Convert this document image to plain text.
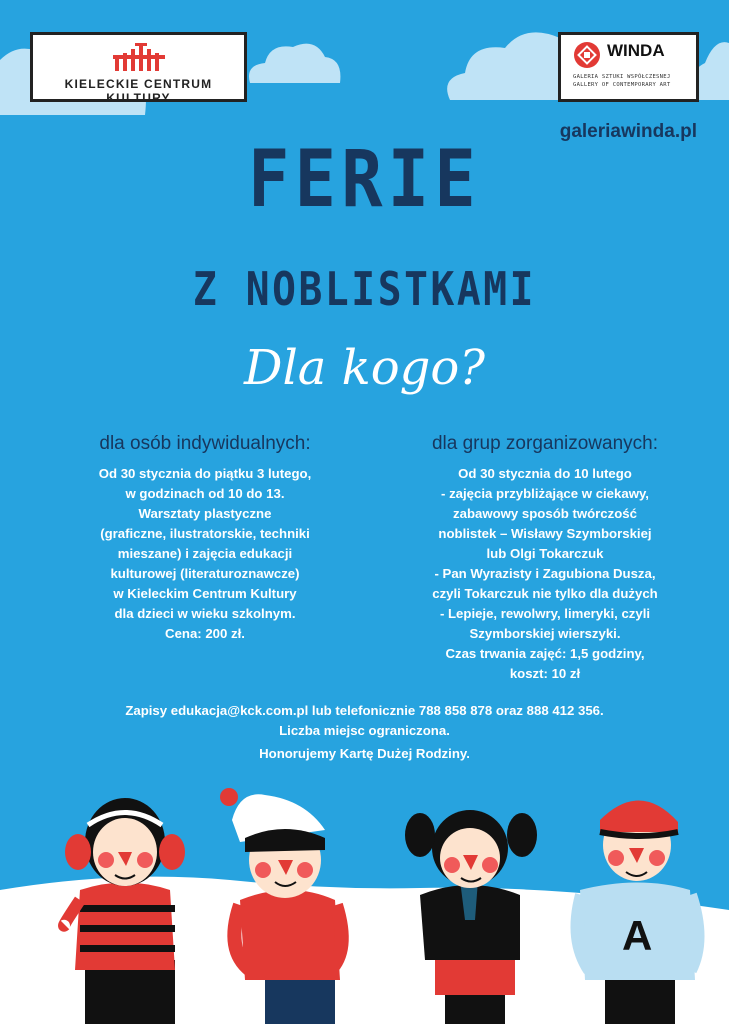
KIELECKIE CENTRUM KULTURY
WINDA
GALERIA SZTUKI WSPÓŁCZESNEJ
GALLERY OF CONTEMPORARY ART
galeriawinda.pl
FERIE
Z NOBLISTKAMI
Dla kogo?
dla osób indywidualnych:
Od 30 stycznia do piątku 3 lutego,
w godzinach od 10 do 13.
Warsztaty plastyczne
(graficzne, ilustratorskie, techniki
mieszane) i zajęcia edukacji
kulturowej (literaturoznawcze)
w Kieleckim Centrum Kultury
dla dzieci w wieku szkolnym.
Cena: 200 zł.
dla grup zorganizowanych:
Od 30 stycznia do 10 lutego
- zajęcia przybliżające w ciekawy,
zabawowy sposób twórczość
noblistek – Wisławy Szymborskiej
lub Olgi Tokarczuk
- Pan Wyrazisty i Zagubiona Dusza,
czyli Tokarczuk nie tylko dla dużych
- Lepieje, rewolwry, limeryki, czyli
Szymborskiej wierszyki.
Czas trwania zajęć: 1,5 godziny,
koszt: 10 zł
Zapisy edukacja@kck.com.pl lub telefonicznie 788 858 878 oraz 888 412 356.
Liczba miejsc ograniczona.
Honorujemy Kartę Dużej Rodziny.
A
